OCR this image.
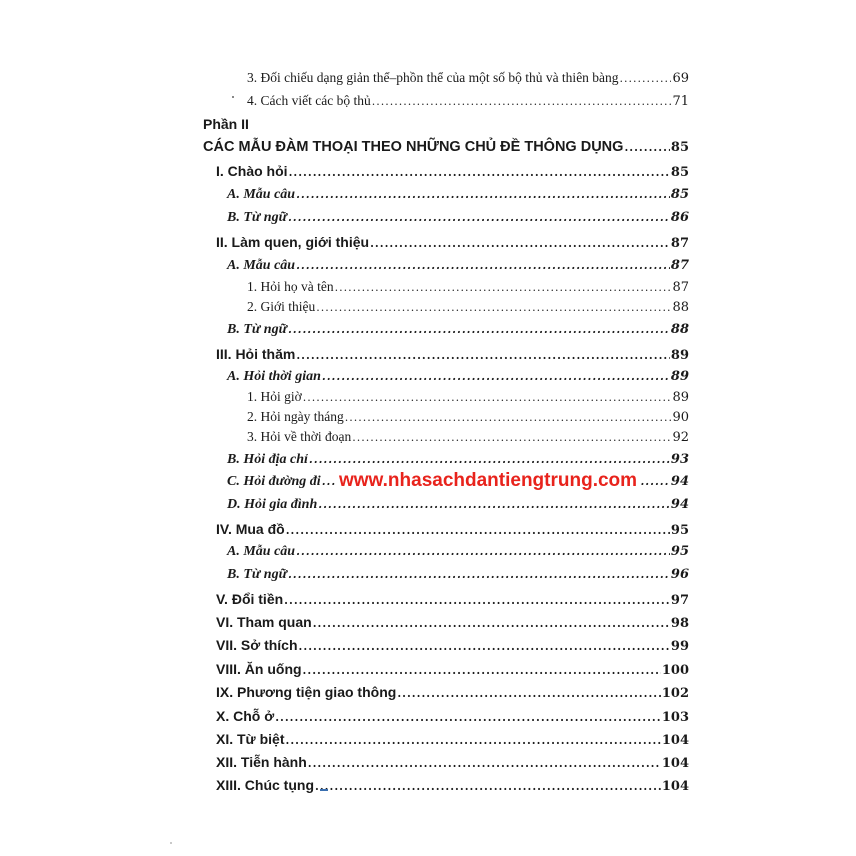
3. Đối chiếu dạng giản thể–phồn thể của một số bộ thủ và thiên bàng .....	69
4. Cách viết các bộ thủ .....	71
Phần II
CÁC MẪU ĐÀM THOẠI THEO NHỮNG CHỦ ĐỀ THÔNG DỤNG .....	85
I. Chào hỏi .....	85
A. Mẫu câu .....	85
B. Từ ngữ .....	86
II. Làm quen, giới thiệu .....	87
A. Mẫu câu .....	87
1. Hỏi họ và tên .....	87
2. Giới thiệu .....	88
B. Từ ngữ .....	88
III. Hỏi thăm .....	89
A. Hỏi thời gian .....	89
1. Hỏi giờ .....	89
2. Hỏi ngày tháng .....	90
3. Hỏi về thời đoạn .....	92
B. Hỏi địa chỉ .....	93
C. Hỏi đường đi .....	94
D. Hỏi gia đình .....	94
IV. Mua đồ .....	95
A. Mẫu câu .....	95
B. Từ ngữ .....	96
V. Đổi tiền .....	97
VI. Tham quan .....	98
VII. Sở thích .....	99
VIII. Ăn uống .....	100
IX. Phương tiện giao thông .....	102
X. Chỗ ở .....	103
XI. Từ biệt .....	104
XII. Tiễn hành .....	104
XIII. Chúc tụng .....	104
www.nhasachdantiengtrung.com
